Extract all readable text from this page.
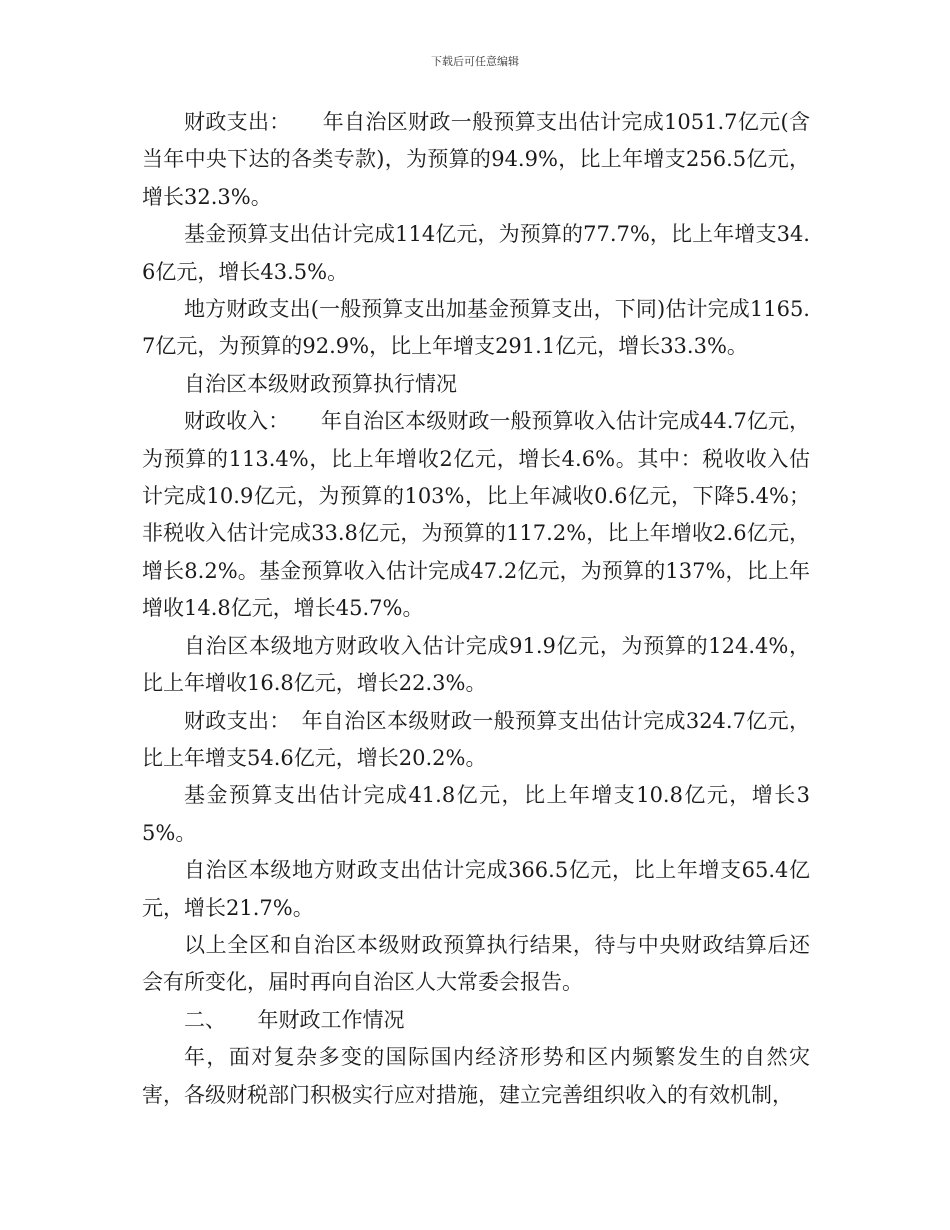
下载后可任意编辑

财政支出：　　年自治区财政一般预算支出估计完成1051.7亿元(含当年中央下达的各类专款)，为预算的94.9%，比上年增支256.5亿元，增长32.3%。

基金预算支出估计完成114亿元，为预算的77.7%，比上年增支34.6亿元，增长43.5%。

地方财政支出(一般预算支出加基金预算支出，下同)估计完成1165.7亿元，为预算的92.9%，比上年增支291.1亿元，增长33.3%。

自治区本级财政预算执行情况

财政收入：　　年自治区本级财政一般预算收入估计完成44.7亿元，为预算的113.4%，比上年增收2亿元，增长4.6%。其中：税收收入估计完成10.9亿元，为预算的103%，比上年减收0.6亿元，下降5.4%；非税收入估计完成33.8亿元，为预算的117.2%，比上年增收2.6亿元，增长8.2%。基金预算收入估计完成47.2亿元，为预算的137%，比上年增收14.8亿元，增长45.7%。

自治区本级地方财政收入估计完成91.9亿元，为预算的124.4%，比上年增收16.8亿元，增长22.3%。

财政支出：　年自治区本级财政一般预算支出估计完成324.7亿元，比上年增支54.6亿元，增长20.2%。

基金预算支出估计完成41.8亿元，比上年增支10.8亿元，增长35%。

自治区本级地方财政支出估计完成366.5亿元，比上年增支65.4亿元，增长21.7%。

以上全区和自治区本级财政预算执行结果，待与中央财政结算后还会有所变化，届时再向自治区人大常委会报告。

二、　　年财政工作情况

年，面对复杂多变的国际国内经济形势和区内频繁发生的自然灾害，各级财税部门积极实行应对措施，建立完善组织收入的有效机制，
